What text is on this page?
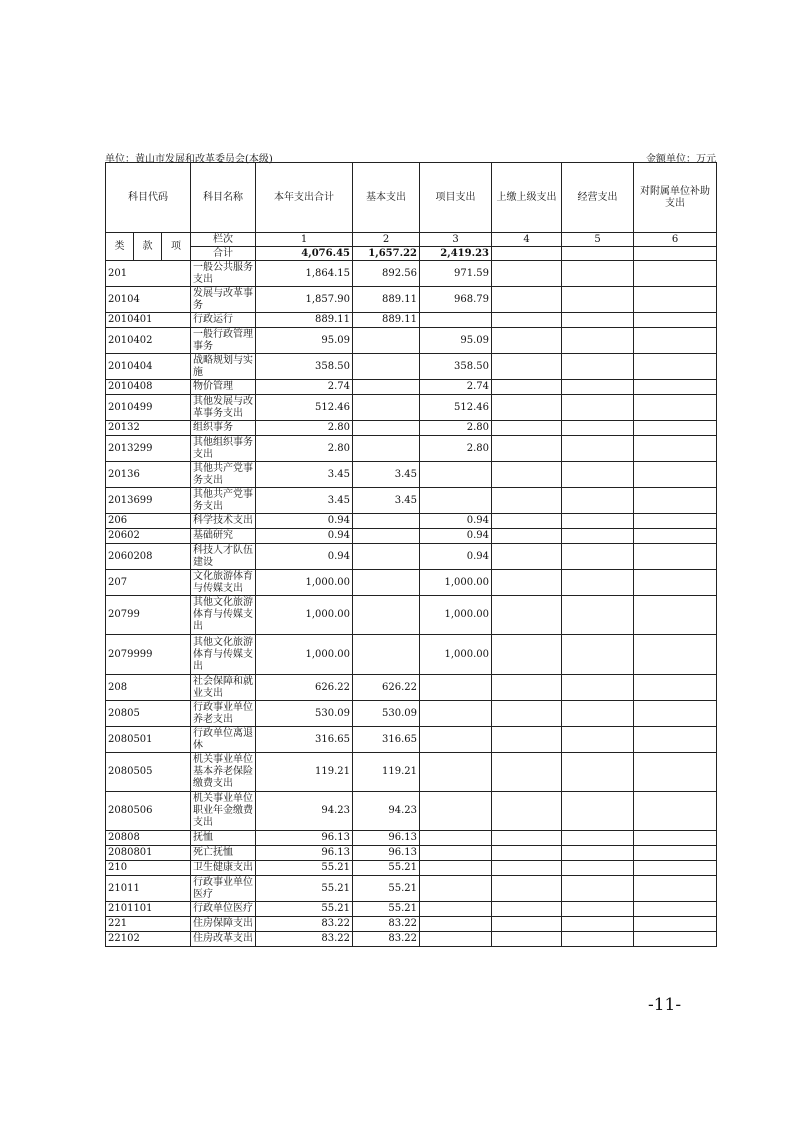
单位：黄山市发展和改革委员会(本级)	金额单位：万元
科目代码			科目名称	本年支出合计	基本支出	项目支出	上缴上级支出	经营支出	对附属单位补助支出
类	款	项	栏次	1	2	3	4	5	6
			合计	4,076.45	1,657.22	2,419.23			
201			一般公共服务支出	1,864.15	892.56	971.59			
20104			发展与改革事务	1,857.90	889.11	968.79			
2010401			行政运行	889.11	889.11				
2010402			一般行政管理事务	95.09		95.09			
2010404			战略规划与实施	358.50		358.50			
2010408			物价管理	2.74		2.74			
2010499			其他发展与改革事务支出	512.46		512.46			
20132			组织事务	2.80		2.80			
2013299			其他组织事务支出	2.80		2.80			
20136			其他共产党事务支出	3.45	3.45				
2013699			其他共产党事务支出	3.45	3.45				
206			科学技术支出	0.94		0.94			
20602			基础研究	0.94		0.94			
2060208			科技人才队伍建设	0.94		0.94			
207			文化旅游体育与传媒支出	1,000.00		1,000.00			
20799			其他文化旅游体育与传媒支出	1,000.00		1,000.00			
2079999			其他文化旅游体育与传媒支出	1,000.00		1,000.00			
208			社会保障和就业支出	626.22	626.22				
20805			行政事业单位养老支出	530.09	530.09				
2080501			行政单位离退休	316.65	316.65				
2080505			机关事业单位基本养老保险缴费支出	119.21	119.21				
2080506			机关事业单位职业年金缴费支出	94.23	94.23				
20808			抚恤	96.13	96.13				
2080801			死亡抚恤	96.13	96.13				
210			卫生健康支出	55.21	55.21				
21011			行政事业单位医疗	55.21	55.21				
2101101			行政单位医疗	55.21	55.21				
221			住房保障支出	83.22	83.22				
22102			住房改革支出	83.22	83.22				
-11-
